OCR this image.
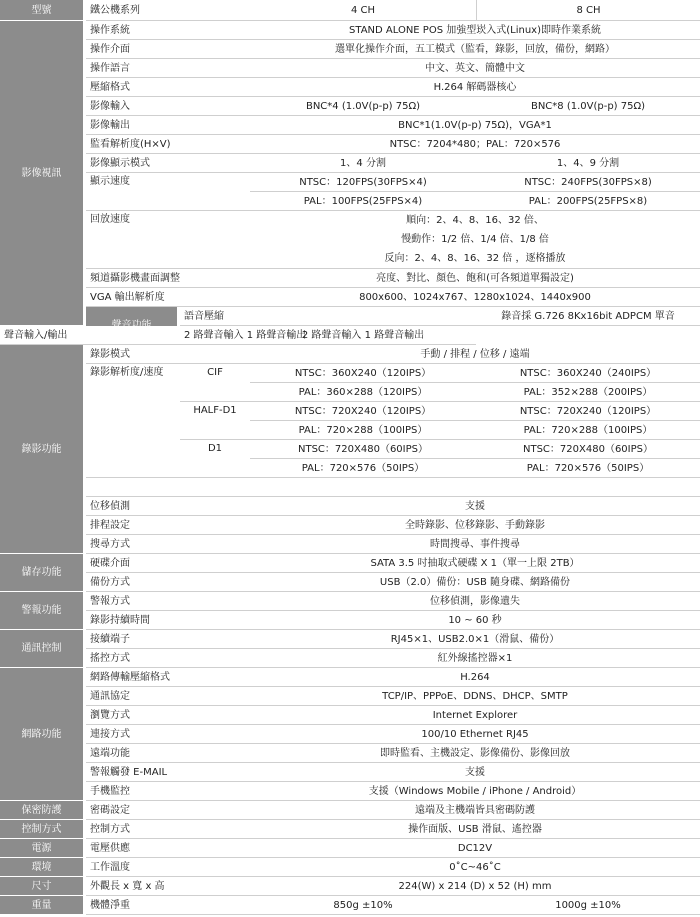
型號	鐵公機系列		4 CH	8 CH
影像視訊	操作系統		STAND ALONE POS 加強型崁入式(Linux)即時作業系統	
	操作介面		選單化操作介面，五工模式（監看，錄影，回放，備份，網路）	
	操作語言		中文、英文、簡體中文	
	壓縮格式		H.264 解碼器核心	
	影像輸入		BNC*4 (1.0V(p-p) 75Ω)	BNC*8 (1.0V(p-p) 75Ω)
	影像輸出		BNC*1(1.0V(p-p) 75Ω)，VGA*1	
	監看解析度(H×V)		NTSC：7204*480；PAL：720×576	
	影像顯示模式		1、4 分割	1、4、9 分割
	顯示速度		NTSC：120FPS(30FPS×4)	NTSC：240FPS(30FPS×8)
			PAL：100FPS(25FPS×4)	PAL：200FPS(25FPS×8)
	回放速度		順向：2、4、8、16、32 倍、
慢動作：1/2 倍、1/4 倍、1/8 倍
反向：2、4、8、16、32 倍 ，逐格播放	

	頻道攝影機畫面調整		亮度、對比、顏色、飽和(可各頻道單獨設定)	
	VGA 輸出解析度		800x600、1024x767、1280x1024、1440x900	
	聲音功能	語音壓縮		錄音採 G.726 8Kx16bit ADPCM 單音
聲音輸入/輸出		2 路聲音輸入 1 路聲音輸出	2 路聲音輸入 1 路聲音輸出	
錄影功能	錄影模式		手動 / 排程 / 位移 / 遠端	
	錄影解析度/速度	CIF	NTSC：360X240（120IPS）	NTSC：360X240（240IPS）
			PAL：360×288（120IPS）	PAL：352×288（200IPS）
		HALF-D1	NTSC：720X240（120IPS）	NTSC：720X240（120IPS）
			PAL：720×288（100IPS）	PAL：720×288（100IPS）
		D1	NTSC：720X480（60IPS）	NTSC：720X480（60IPS）
			PAL：720×576（50IPS）	PAL：720×576（50IPS）

	位移偵測		支援	
	排程設定		全時錄影、位移錄影、手動錄影	
	搜尋方式		時間搜尋、事件搜尋	
儲存功能	硬碟介面		SATA 3.5 吋抽取式硬碟 X 1（單一上限 2TB）	
	備份方式		USB（2.0）備份：USB 隨身碟、網路備份	
警報功能	警報方式		位移偵測，影像遺失	
	錄影持續時間		10 ~ 60 秒	
通訊控制	接續端子		RJ45×1、USB2.0×1（滑鼠、備份）	
	搖控方式		紅外線搖控器×1	
網路功能	網路傳輸壓縮格式		H.264	
	通訊協定		TCP/IP、PPPoE、DDNS、DHCP、SMTP	
	瀏覽方式		Internet Explorer	
	連接方式		100/10 Ethernet RJ45	
	遠端功能		即時監看、主機設定、影像備份、影像回放	
	警報觸發 E-MAIL		支援	
	手機監控		支援（Windows Mobile / iPhone / Android）	
保密防護	密碼設定		遠端及主機端皆具密碼防護	
控制方式	控制方式		操作面版、USB 滑鼠、遙控器	
電源	電壓供應		DC12V	
環境	工作溫度		0˚C~46˚C	
尺寸	外觀長 x 寬 x 高		224(W) x 214 (D) x 52 (H) mm	
重量	機體淨重		850g ±10%	1000g ±10%
